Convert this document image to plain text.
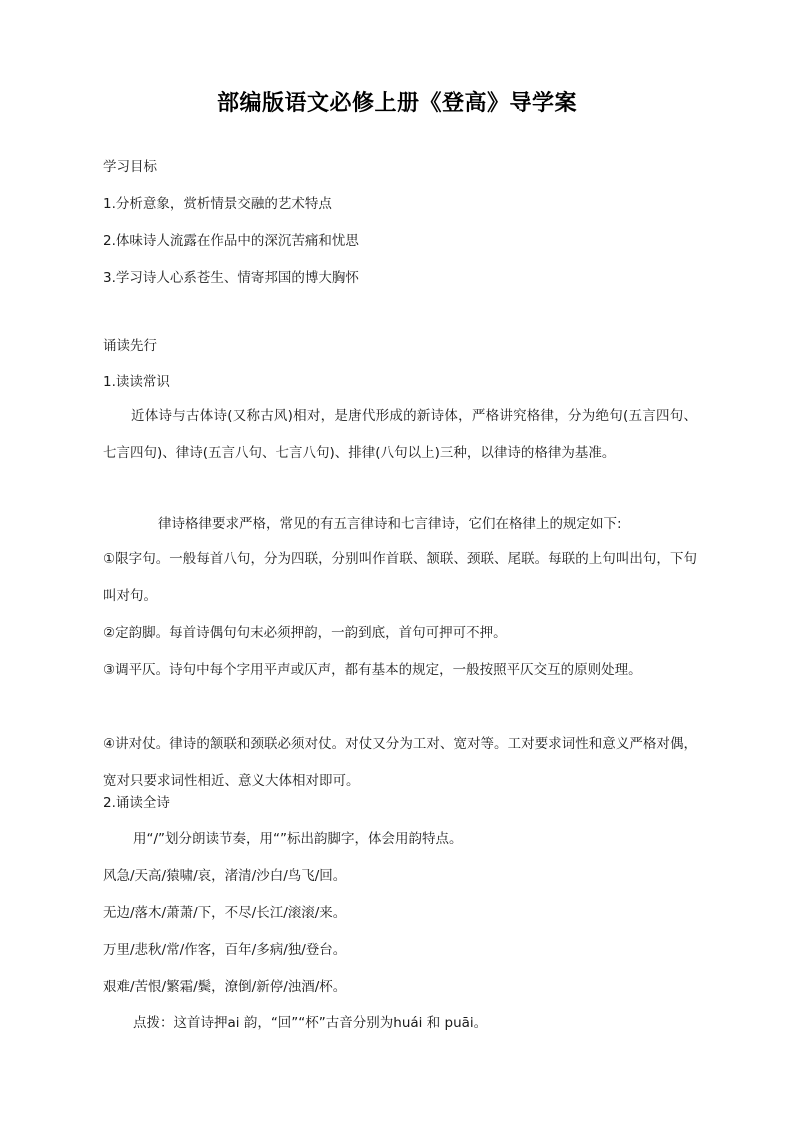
部编版语文必修上册《登高》导学案
学习目标
1.分析意象，赏析情景交融的艺术特点
2.体味诗人流露在作品中的深沉苦痛和忧思
3.学习诗人心系苍生、情寄邦国的博大胸怀
诵读先行
1.读读常识
近体诗与古体诗(又称古风)相对，是唐代形成的新诗体，严格讲究格律，分为绝句(五言四句、七言四句)、律诗(五言八句、七言八句)、排律(八句以上)三种，以律诗的格律为基准。
律诗格律要求严格，常见的有五言律诗和七言律诗，它们在格律上的规定如下:
①限字句。一般每首八句，分为四联，分别叫作首联、颔联、颈联、尾联。每联的上句叫出句，下句叫对句。
②定韵脚。每首诗偶句句末必须押韵，一韵到底，首句可押可不押。
③调平仄。诗句中每个字用平声或仄声，都有基本的规定，一般按照平仄交互的原则处理。
④讲对仗。律诗的颔联和颈联必须对仗。对仗又分为工对、宽对等。工对要求词性和意义严格对偶，宽对只要求词性相近、意义大体相对即可。
2.诵读全诗
用“/”划分朗读节奏，用“”标出韵脚字，体会用韵特点。
风急/天高/猿啸/哀，渚清/沙白/鸟飞/回。
无边/落木/萧萧/下，不尽/长江/滚滚/来。
万里/悲秋/常/作客，百年/多病/独/登台。
艰难/苦恨/繁霜/鬓，潦倒/新停/浊酒/杯。
点拨：这首诗押ai 韵，“回”“杯”古音分别为huái 和 puāi。
